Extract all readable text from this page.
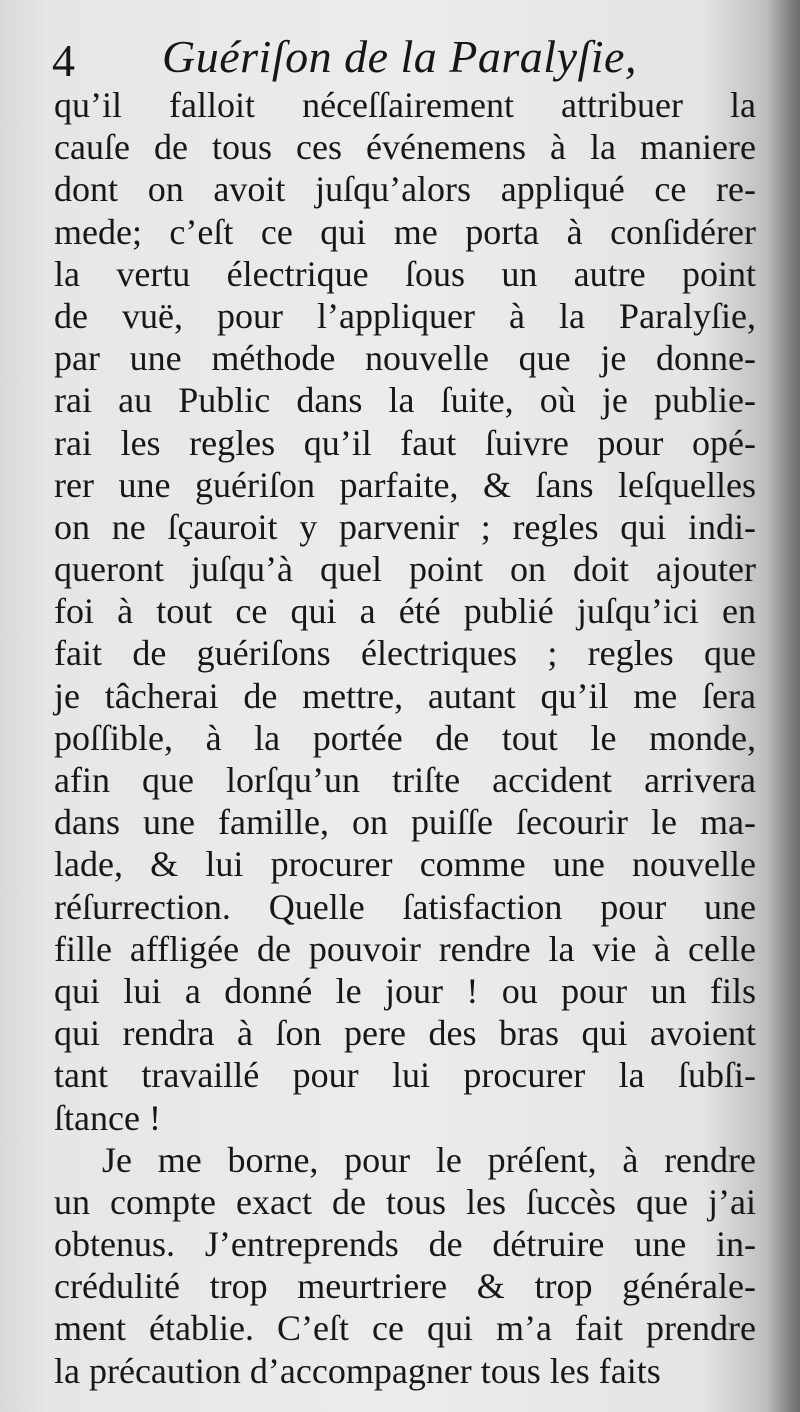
4 Guériſon de la Paralyſie,
qu’il falloit néceſſairement attribuer la
cauſe de tous ces événemens à la maniere
dont on avoit juſqu’alors appliqué ce re-
mede; c’eſt ce qui me porta à conſidérer
la vertu électrique ſous un autre point
de vuë, pour l’appliquer à la Paralyſie,
par une méthode nouvelle que je donne-
rai au Public dans la ſuite, où je publie-
rai les regles qu’il faut ſuivre pour opé-
rer une guériſon parfaite, & ſans leſquelles
on ne ſçauroit y parvenir ; regles qui indi-
queront juſqu’à quel point on doit ajouter
foi à tout ce qui a été publié juſqu’ici en
fait de guériſons électriques ; regles que
je tâcherai de mettre, autant qu’il me ſera
poſſible, à la portée de tout le monde,
afin que lorſqu’un triſte accident arrivera
dans une famille, on puiſſe ſecourir le ma-
lade, & lui procurer comme une nouvelle
réſurrection. Quelle ſatisfaction pour une
fille affligée de pouvoir rendre la vie à celle
qui lui a donné le jour ! ou pour un fils
qui rendra à ſon pere des bras qui avoient
tant travaillé pour lui procurer la ſubſi-
ſtance !
Je me borne, pour le préſent, à rendre
un compte exact de tous les ſuccès que j’ai
obtenus. J’entreprends de détruire une in-
crédulité trop meurtriere & trop générale-
ment établie. C’eſt ce qui m’a fait prendre
la précaution d’accompagner tous les faits
